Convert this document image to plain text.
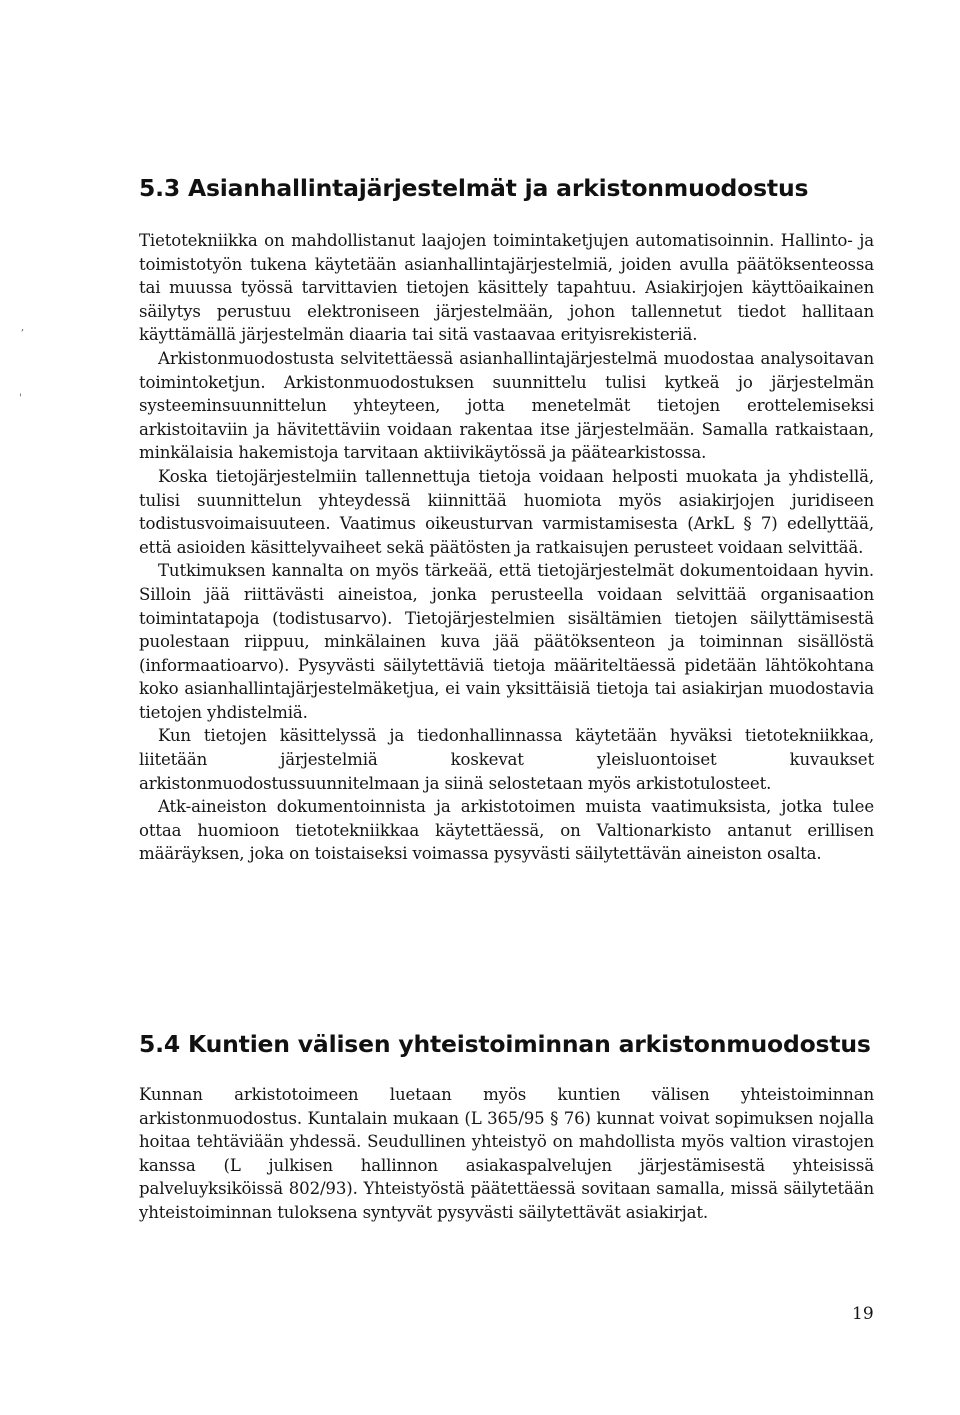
,
'
5.3 Asianhallintajärjestelmät ja arkistonmuodostus

Tietotekniikka on mahdollistanut laajojen toimintaketjujen automatisoinnin. Hallinto- ja toimistotyön tukena käytetään asianhallintajärjestelmiä, joiden avulla päätöksenteossa tai muussa työssä tarvittavien tietojen käsittely tapahtuu. Asiakirjojen käyttöaikainen säilytys perustuu elektroniseen järjestelmään, johon tallennetut tiedot hallitaan käyttämällä järjestelmän diaaria tai sitä vastaavaa erityisrekisteriä.

Arkistonmuodostusta selvitettäessä asianhallintajärjestelmä muodostaa analysoitavan toimintoketjun. Arkistonmuodostuksen suunnittelu tulisi kytkeä jo järjestelmän systeeminsuunnittelun yhteyteen, jotta menetelmät tietojen erottelemiseksi arkistoitaviin ja hävitettäviin voidaan rakentaa itse järjestelmään. Samalla ratkaistaan, minkälaisia hakemistoja tarvitaan aktiivikäytössä ja päätearkistossa.

Koska tietojärjestelmiin tallennettuja tietoja voidaan helposti muokata ja yhdistellä, tulisi suunnittelun yhteydessä kiinnittää huomiota myös asiakirjojen juridiseen todistusvoimaisuuteen. Vaatimus oikeusturvan varmistamisesta (ArkL § 7) edellyttää, että asioiden käsittelyvaiheet sekä päätösten ja ratkaisujen perusteet voidaan selvittää.

Tutkimuksen kannalta on myös tärkeää, että tietojärjestelmät dokumentoidaan hyvin. Silloin jää riittävästi aineistoa, jonka perusteella voidaan selvittää organisaation toimintatapoja (todistusarvo). Tietojärjestelmien sisältämien tietojen säilyttämisestä puolestaan riippuu, minkälainen kuva jää päätöksenteon ja toiminnan sisällöstä (informaatioarvo). Pysyvästi säilytettäviä tietoja määriteltäessä pidetään lähtökohtana koko asianhallintajärjestelmäketjua, ei vain yksittäisiä tietoja tai asiakirjan muodostavia tietojen yhdistelmiä.

Kun tietojen käsittelyssä ja tiedonhallinnassa käytetään hyväksi tietotekniikkaa, liitetään järjestelmiä koskevat yleisluontoiset kuvaukset arkistonmuodostussuunnitelmaan ja siinä selostetaan myös arkistotulosteet.

Atk-aineiston dokumentoinnista ja arkistotoimen muista vaatimuksista, jotka tulee ottaa huomioon tietotekniikkaa käytettäessä, on Valtionarkisto antanut erillisen määräyksen, joka on toistaiseksi voimassa pysyvästi säilytettävän aineiston osalta.

5.4 Kuntien välisen yhteistoiminnan arkistonmuodostus

Kunnan arkistotoimeen luetaan myös kuntien välisen yhteistoiminnan arkistonmuodostus. Kuntalain mukaan (L 365/95 § 76) kunnat voivat sopimuksen nojalla hoitaa tehtäviään yhdessä. Seudullinen yhteistyö on mahdollista myös valtion virastojen kanssa (L julkisen hallinnon asiakaspalvelujen järjestämisestä yhteisissä palveluyksiköissä 802/93). Yhteistyöstä päätettäessä sovitaan samalla, missä säilytetään yhteistoiminnan tuloksena syntyvät pysyvästi säilytettävät asiakirjat.

19
